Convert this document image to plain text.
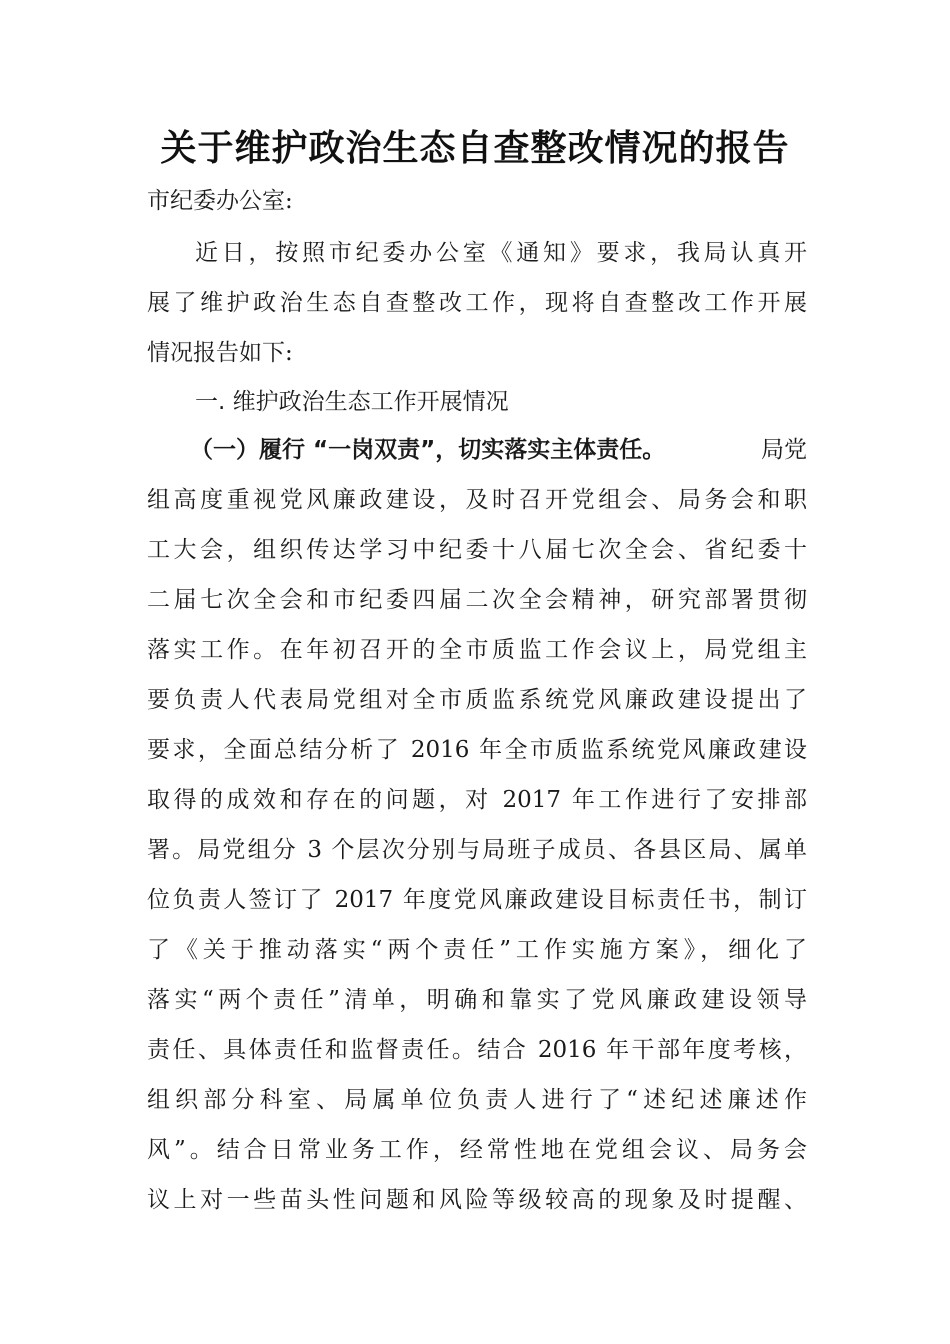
关于维护政治生态自查整改情况的报告
市纪委办公室:
近日，按照市纪委办公室《通知》要求，我局认真开
展了维护政治生态自查整改工作，现将自查整改工作开展
情况报告如下:
一. 维护政治生态工作开展情况
（一）履行 “一岗双责”，切实落实主体责任。	局党
组高度重视党风廉政建设，及时召开党组会、局务会和职
工大会，组织传达学习中纪委十八届七次全会、省纪委十
二届七次全会和市纪委四届二次全会精神，研究部署贯彻
落实工作。在年初召开的全市质监工作会议上，局党组主
要负责人代表局党组对全市质监系统党风廉政建设提出了
要求，全面总结分析了 2016 年全市质监系统党风廉政建设
取得的成效和存在的问题，对 2017 年工作进行了安排部
署。局党组分 3 个层次分别与局班子成员、各县区局、属单
位负责人签订了 2017 年度党风廉政建设目标责任书，制订
了《关于推动落实“两个责任”工作实施方案》，细化了
落实“两个责任”清单，明确和靠实了党风廉政建设领导
责任、具体责任和监督责任。结合 2016 年干部年度考核，
组织部分科室、局属单位负责人进行了“述纪述廉述作
风”。结合日常业务工作，经常性地在党组会议、局务会
议上对一些苗头性问题和风险等级较高的现象及时提醒、
